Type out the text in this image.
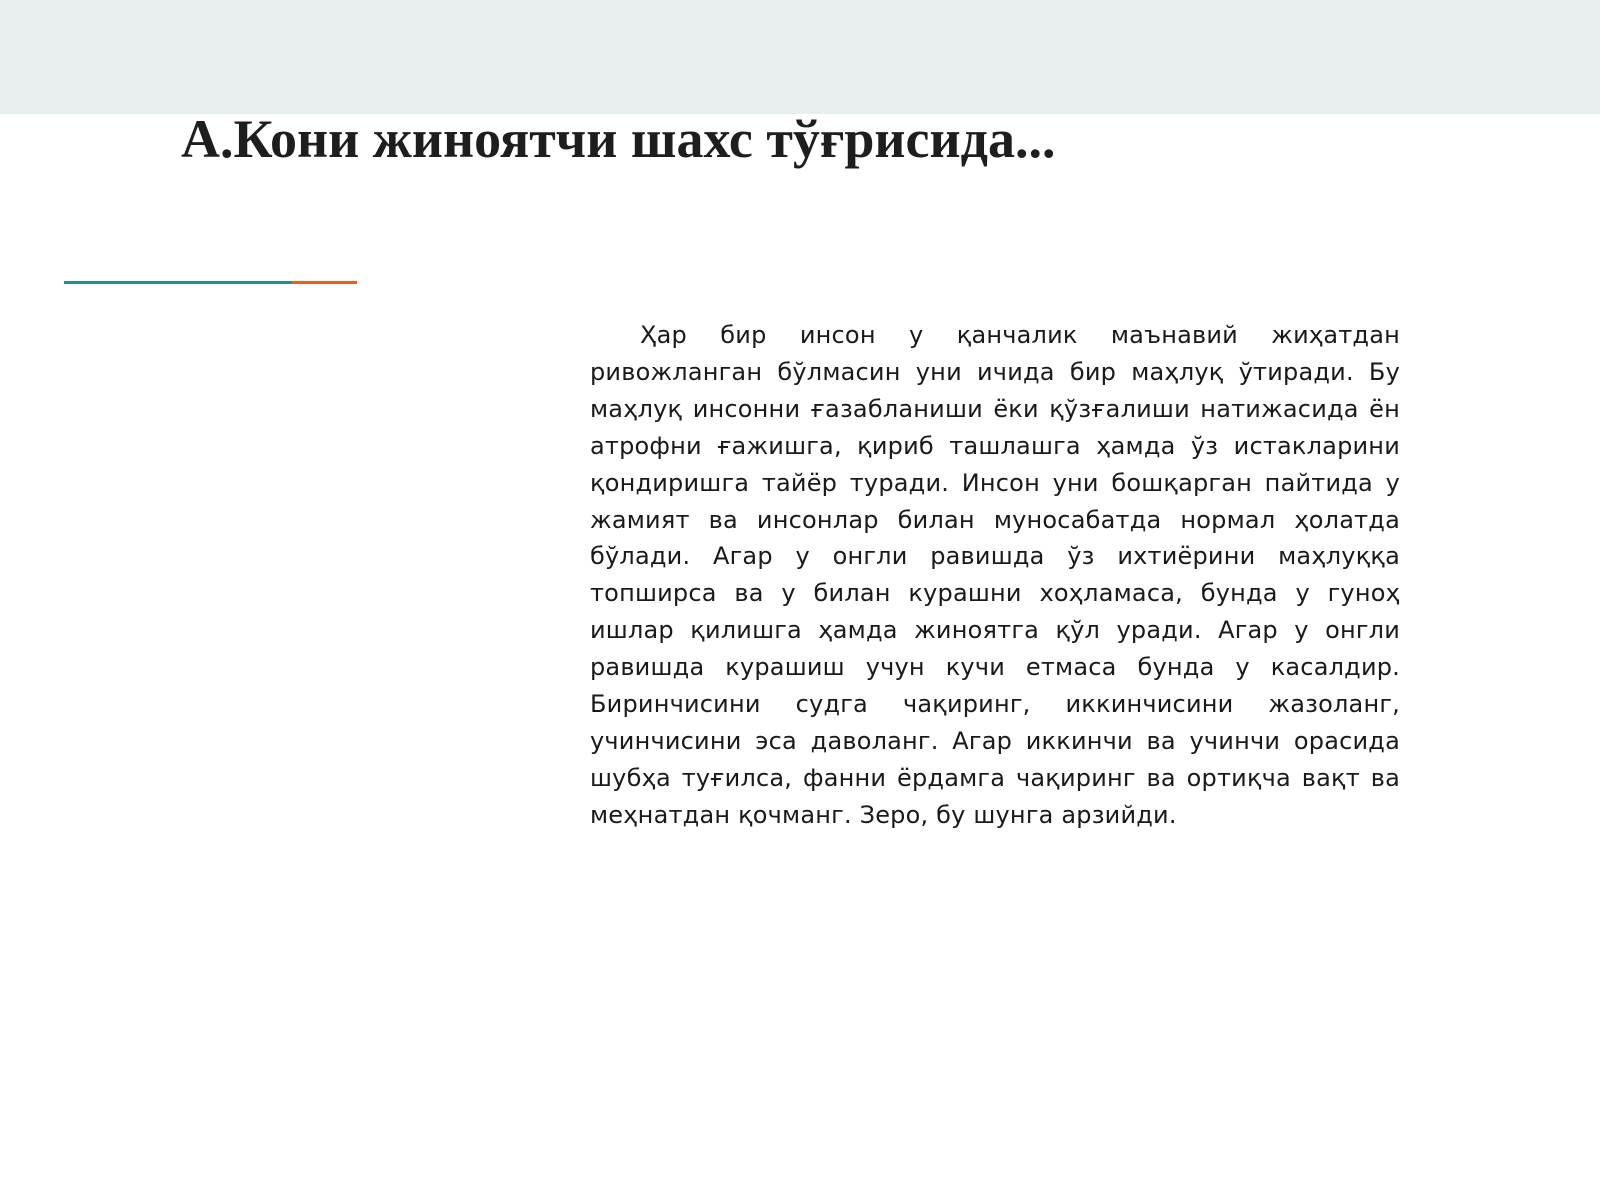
А.Кони жиноятчи шахс тўғрисида...

Ҳар бир инсон у қанчалик маънавий жиҳатдан ривожланган бўлмасин уни ичида бир маҳлуқ ўтиради. Бу маҳлуқ инсонни ғазабланиши ёки қўзғалиши натижасида ён атрофни ғажишга, қириб ташлашга ҳамда ўз истакларини қондиришга тайёр туради. Инсон уни бошқарган пайтида у жамият ва инсонлар билан муносабатда нормал ҳолатда бўлади. Агар у онгли равишда ўз ихтиёрини маҳлуққа топширса ва у билан курашни хоҳламаса, бунда у гуноҳ ишлар қилишга ҳамда жиноятга қўл уради. Агар у онгли равишда курашиш учун кучи етмаса бунда у касалдир. Биринчисини судга чақиринг, иккинчисини жазоланг, учинчисини эса даволанг. Агар иккинчи ва учинчи орасида шубҳа туғилса, фанни ёрдамга чақиринг ва ортиқча вақт ва меҳнатдан қочманг. Зеро, бу шунга арзийди.
